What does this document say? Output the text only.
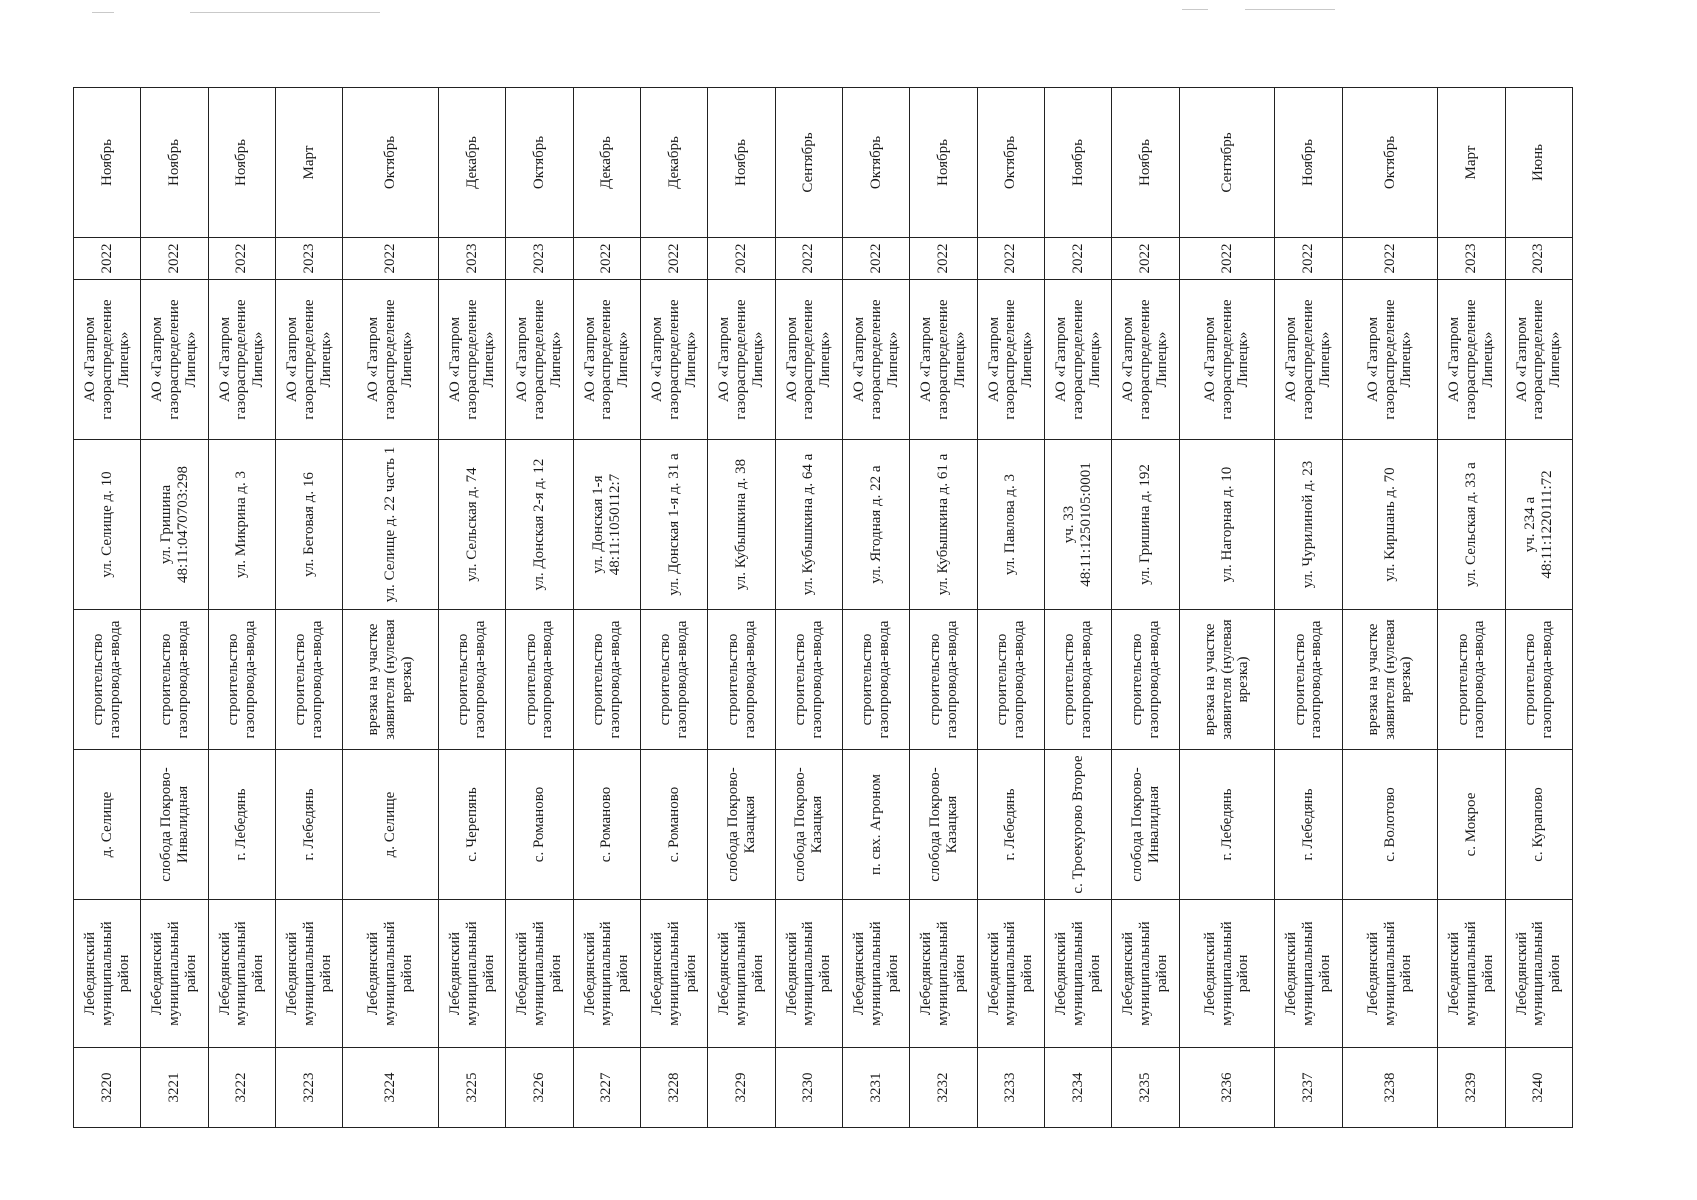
3220	Лебедянский муниципальный район	д. Селище	строительство газопровода-ввода	ул. Селище д. 10	АО «Газпром газораспределение Липецк»	2022	Ноябрь
3221	Лебедянский муниципальный район	слобода Покрово-Инвалидная	строительство газопровода-ввода	ул. Гришина 48:11:0470703:298	АО «Газпром газораспределение Липецк»	2022	Ноябрь
3222	Лебедянский муниципальный район	г. Лебедянь	строительство газопровода-ввода	ул. Микрина д. 3	АО «Газпром газораспределение Липецк»	2022	Ноябрь
3223	Лебедянский муниципальный район	г. Лебедянь	строительство газопровода-ввода	ул. Беговая д. 16	АО «Газпром газораспределение Липецк»	2023	Март
3224	Лебедянский муниципальный район	д. Селище	врезка на участке заявителя (нулевая врезка)	ул. Селище д. 22 часть 1	АО «Газпром газораспределение Липецк»	2022	Октябрь
3225	Лебедянский муниципальный район	с. Черепянь	строительство газопровода-ввода	ул. Сельская д. 74	АО «Газпром газораспределение Липецк»	2023	Декабрь
3226	Лебедянский муниципальный район	с. Романово	строительство газопровода-ввода	ул. Донская 2-я д. 12	АО «Газпром газораспределение Липецк»	2023	Октябрь
3227	Лебедянский муниципальный район	с. Романово	строительство газопровода-ввода	ул. Донская 1-я 48:11:1050112:7	АО «Газпром газораспределение Липецк»	2022	Декабрь
3228	Лебедянский муниципальный район	с. Романово	строительство газопровода-ввода	ул. Донская 1-я д. 31 а	АО «Газпром газораспределение Липецк»	2022	Декабрь
3229	Лебедянский муниципальный район	слобода Покрово-Казацкая	строительство газопровода-ввода	ул. Кубышкина д. 38	АО «Газпром газораспределение Липецк»	2022	Ноябрь
3230	Лебедянский муниципальный район	слобода Покрово-Казацкая	строительство газопровода-ввода	ул. Кубышкина д. 64 а	АО «Газпром газораспределение Липецк»	2022	Сентябрь
3231	Лебедянский муниципальный район	п. свх. Агроном	строительство газопровода-ввода	ул. Ягодная д. 22 а	АО «Газпром газораспределение Липецк»	2022	Октябрь
3232	Лебедянский муниципальный район	слобода Покрово-Казацкая	строительство газопровода-ввода	ул. Кубышкина д. 61 а	АО «Газпром газораспределение Липецк»	2022	Ноябрь
3233	Лебедянский муниципальный район	г. Лебедянь	строительство газопровода-ввода	ул. Павлова д. 3	АО «Газпром газораспределение Липецк»	2022	Октябрь
3234	Лебедянский муниципальный район	с. Троекурово Второе	строительство газопровода-ввода	уч. 33 48:11:1250105:0001	АО «Газпром газораспределение Липецк»	2022	Ноябрь
3235	Лебедянский муниципальный район	слобода Покрово-Инвалидная	строительство газопровода-ввода	ул. Гришина д. 192	АО «Газпром газораспределение Липецк»	2022	Ноябрь
3236	Лебедянский муниципальный район	г. Лебедянь	врезка на участке заявителя (нулевая врезка)	ул. Нагорная д. 10	АО «Газпром газораспределение Липецк»	2022	Сентябрь
3237	Лебедянский муниципальный район	г. Лебедянь	строительство газопровода-ввода	ул. Чурилиной д. 23	АО «Газпром газораспределение Липецк»	2022	Ноябрь
3238	Лебедянский муниципальный район	с. Волотово	врезка на участке заявителя (нулевая врезка)	ул. Киршань д. 70	АО «Газпром газораспределение Липецк»	2022	Октябрь
3239	Лебедянский муниципальный район	с. Мокрое	строительство газопровода-ввода	ул. Сельская д. 33 а	АО «Газпром газораспределение Липецк»	2023	Март
3240	Лебедянский муниципальный район	с. Курапово	строительство газопровода-ввода	уч. 234 а 48:11:1220111:72	АО «Газпром газораспределение Липецк»	2023	Июнь
